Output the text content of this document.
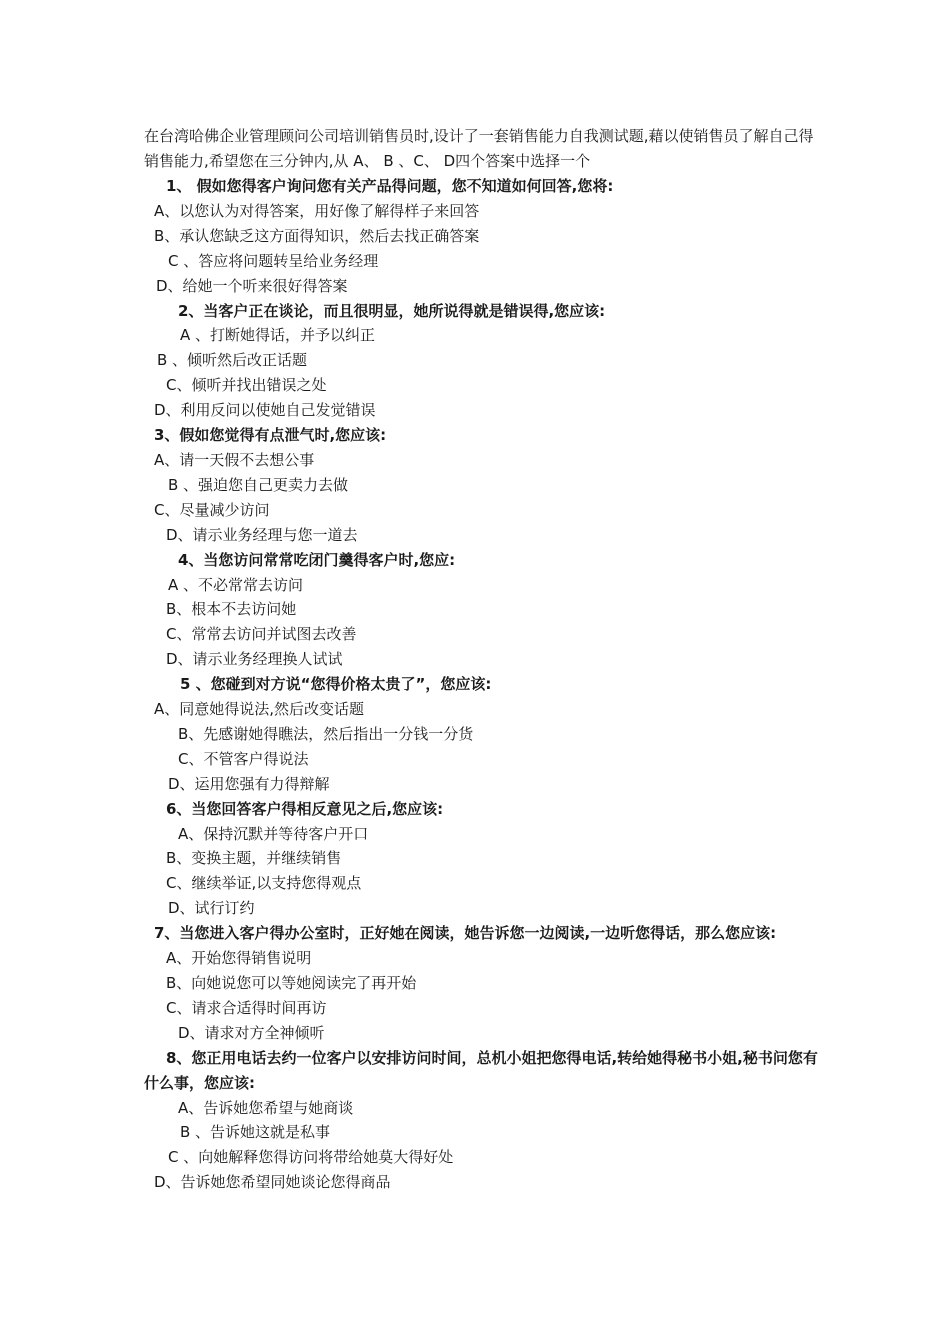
在台湾哈佛企业管理顾问公司培训销售员时,设计了一套销售能力自我测试题,藉以使销售员了解自己得销售能力,希望您在三分钟内,从 A、 B 、C、 D四个答案中选择一个
1、 假如您得客户询问您有关产品得问题，您不知道如何回答,您将:
A、以您认为对得答案，用好像了解得样子来回答
B、承认您缺乏这方面得知识，然后去找正确答案
C 、答应将问题转呈给业务经理
D、给她一个听来很好得答案
2、当客户正在谈论，而且很明显，她所说得就是错误得,您应该:
A 、打断她得话，并予以纠正
B 、倾听然后改正话题
C、倾听并找出错误之处
D、利用反问以使她自己发觉错误
3、假如您觉得有点泄气时,您应该:
A、请一天假不去想公事
B 、强迫您自己更卖力去做
C、尽量减少访问
D、请示业务经理与您一道去
4、当您访问常常吃闭门羹得客户时,您应:
A 、不必常常去访问
B、根本不去访问她
C、常常去访问并试图去改善
D、请示业务经理换人试试
5 、您碰到对方说“您得价格太贵了”，您应该:
A、同意她得说法,然后改变话题
B、先感谢她得瞧法，然后指出一分钱一分货
C、不管客户得说法
D、运用您强有力得辩解
6、当您回答客户得相反意见之后,您应该:
A、保持沉默并等待客户开口
B、变换主题，并继续销售
C、继续举证,以支持您得观点
D、试行订约
7、当您进入客户得办公室时，正好她在阅读，她告诉您一边阅读,一边听您得话，那么您应该:
A、开始您得销售说明
B、向她说您可以等她阅读完了再开始
C、请求合适得时间再访
D、请求对方全神倾听
8、您正用电话去约一位客户以安排访问时间，总机小姐把您得电话,转给她得秘书小姐,秘书问您有什么事，您应该:
A、告诉她您希望与她商谈
B 、告诉她这就是私事
C 、向她解释您得访问将带给她莫大得好处
D、告诉她您希望同她谈论您得商品
